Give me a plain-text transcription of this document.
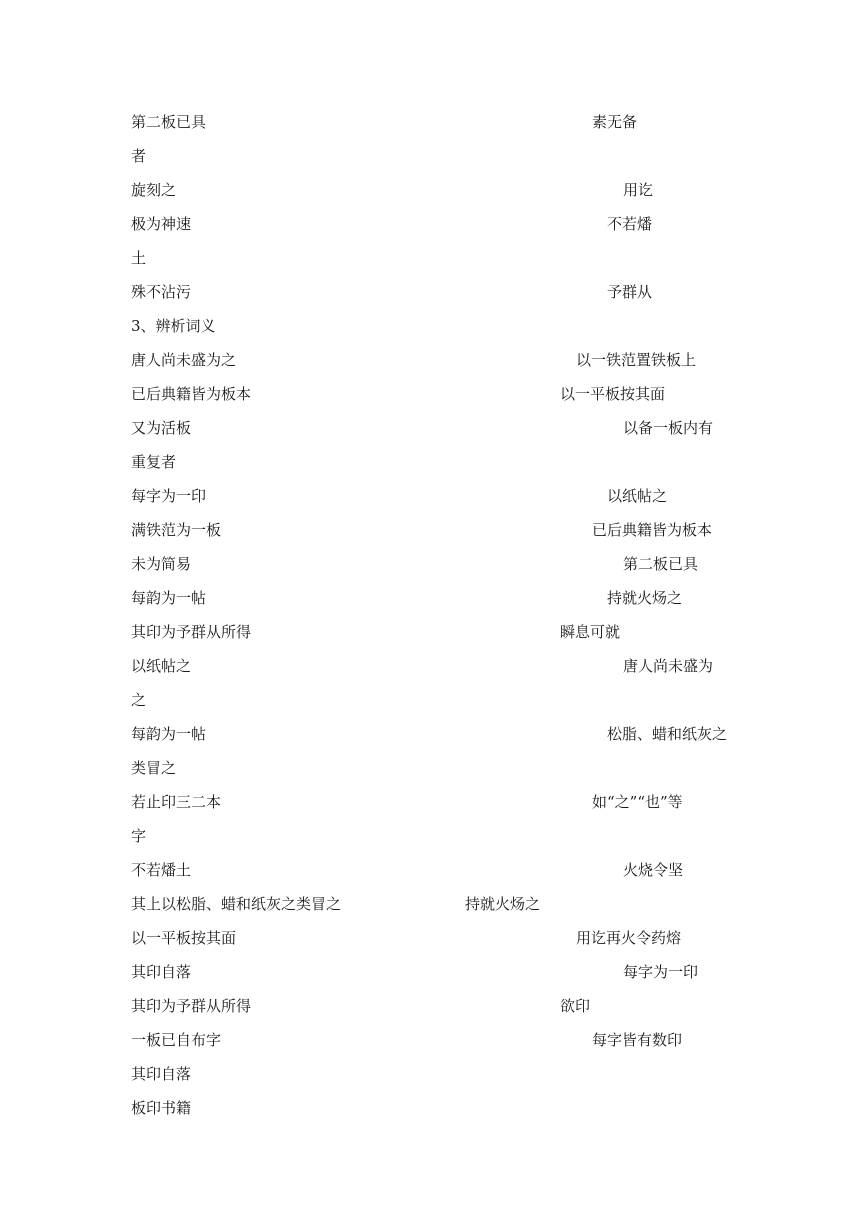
第二板已具	素无备
者
旋刻之	用讫
极为神速	不若燔
土
殊不沾污	予群从
3、辨析词义
唐人尚未盛为之	以一铁范置铁板上
已后典籍皆为板本	以一平板按其面
又为活板	以备一板内有
重复者
每字为一印	以纸帖之
满铁范为一板	已后典籍皆为板本
未为简易	第二板已具
每韵为一帖	持就火炀之
其印为予群从所得	瞬息可就
以纸帖之	唐人尚未盛为
之
每韵为一帖	松脂、蜡和纸灰之
类冒之
若止印三二本	如“之”“也”等
字
不若燔土	火烧令坚
其上以松脂、蜡和纸灰之类冒之	持就火炀之
以一平板按其面	用讫再火令药熔
其印自落	每字为一印
其印为予群从所得	欲印
一板已自布字	每字皆有数印
其印自落
板印书籍
